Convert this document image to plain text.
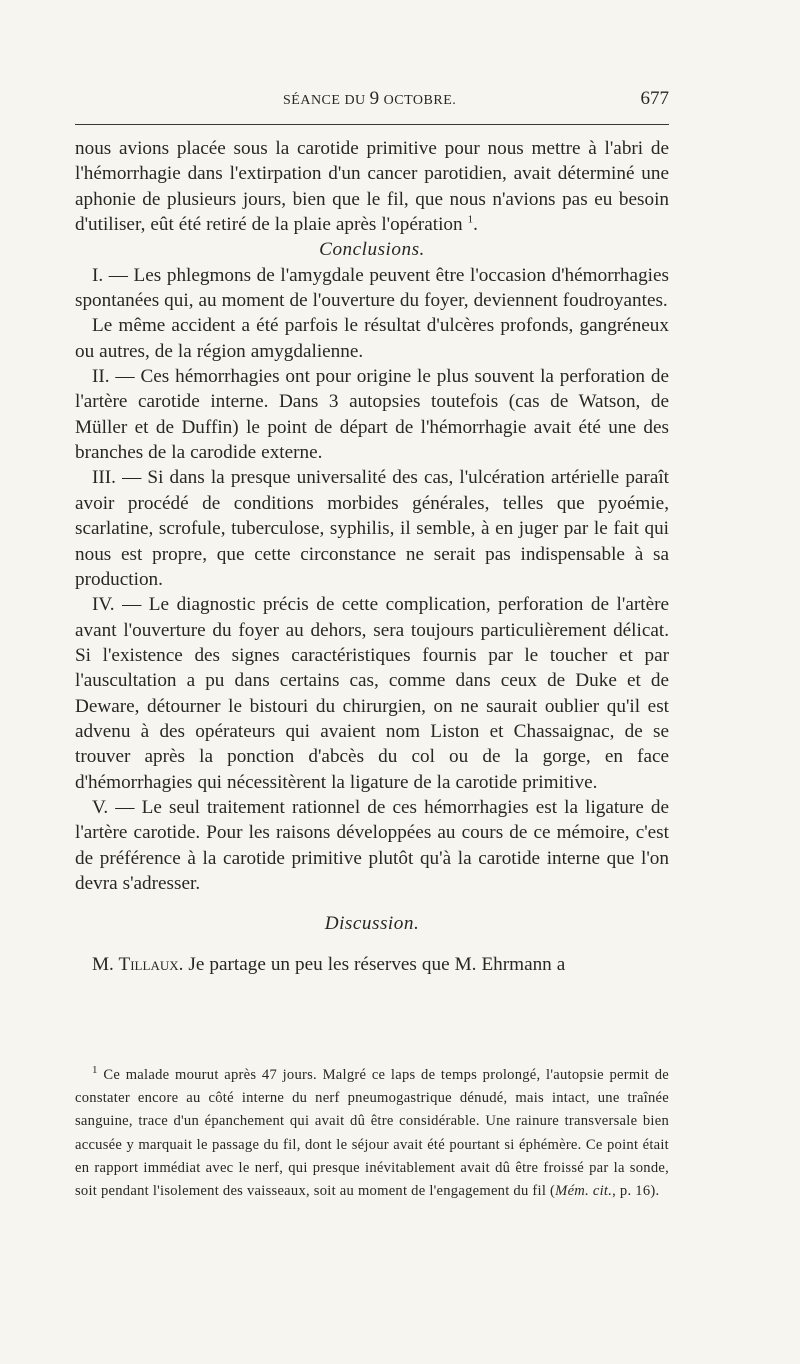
SÉANCE DU 9 OCTOBRE.	677

nous avions placée sous la carotide primitive pour nous mettre à l'abri de l'hémorrhagie dans l'extirpation d'un cancer parotidien, avait déterminé une aphonie de plusieurs jours, bien que le fil, que nous n'avions pas eu besoin d'utiliser, eût été retiré de la plaie après l'opération $^1$.

Conclusions.

I. — Les phlegmons de l'amygdale peuvent être l'occasion d'hémorrhagies spontanées qui, au moment de l'ouverture du foyer, deviennent foudroyantes.

Le même accident a été parfois le résultat d'ulcères profonds, gangréneux ou autres, de la région amygdalienne.

II. — Ces hémorrhagies ont pour origine le plus souvent la perforation de l'artère carotide interne. Dans 3 autopsies toutefois (cas de Watson, de Müller et de Duffin) le point de départ de l'hémorrhagie avait été une des branches de la carodide externe.

III. — Si dans la presque universalité des cas, l'ulcération artérielle paraît avoir procédé de conditions morbides générales, telles que pyoémie, scarlatine, scrofule, tuberculose, syphilis, il semble, à en juger par le fait qui nous est propre, que cette circonstance ne serait pas indispensable à sa production.

IV. — Le diagnostic précis de cette complication, perforation de l'artère avant l'ouverture du foyer au dehors, sera toujours particulièrement délicat. Si l'existence des signes caractéristiques fournis par le toucher et par l'auscultation a pu dans certains cas, comme dans ceux de Duke et de Deware, détourner le bistouri du chirurgien, on ne saurait oublier qu'il est advenu à des opérateurs qui avaient nom Liston et Chassaignac, de se trouver après la ponction d'abcès du col ou de la gorge, en face d'hémorrhagies qui nécessitèrent la ligature de la carotide primitive.

V. — Le seul traitement rationnel de ces hémorrhagies est la ligature de l'artère carotide. Pour les raisons développées au cours de ce mémoire, c'est de préférence à la carotide primitive plutôt qu'à la carotide interne que l'on devra s'adresser.

Discussion.

M. Tillaux. Je partage un peu les réserves que M. Ehrmann a

$^1$ Ce malade mourut après 47 jours. Malgré ce laps de temps prolongé, l'autopsie permit de constater encore au côté interne du nerf pneumogastrique dénudé, mais intact, une traînée sanguine, trace d'un épanchement qui avait dû être considérable. Une rainure transversale bien accusée y marquait le passage du fil, dont le séjour avait été pourtant si éphémère. Ce point était en rapport immédiat avec le nerf, qui presque inévitablement avait dû être froissé par la sonde, soit pendant l'isolement des vaisseaux, soit au moment de l'engagement du fil (Mém. cit., p. 16).
